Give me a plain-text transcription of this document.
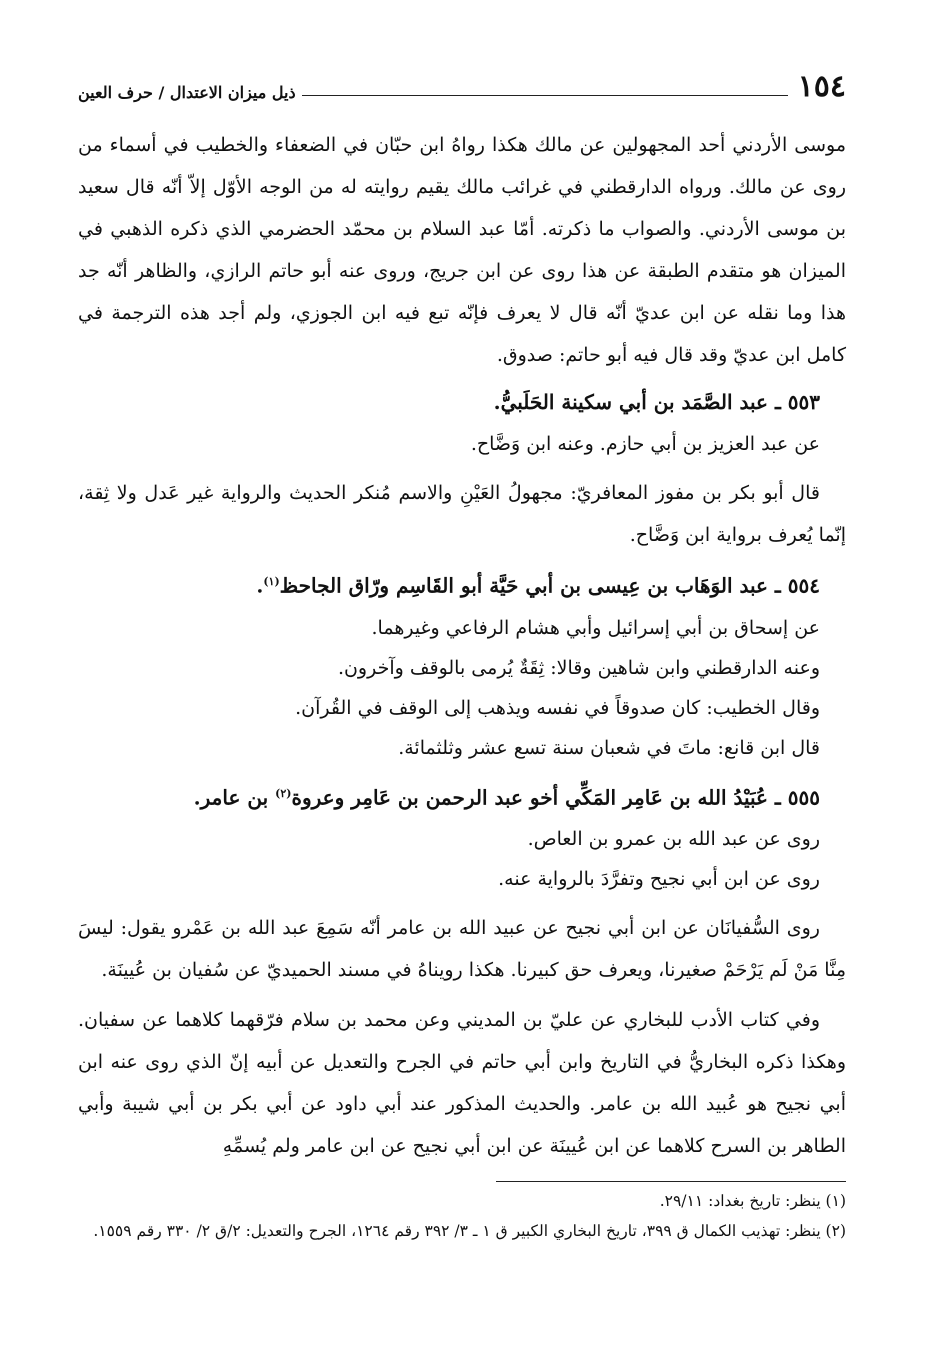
١٥٤
ذيل ميزان الاعتدال / حرف العين

موسى الأردني أحد المجهولين عن مالك هكذا رواهُ ابن حبّان في الضعفاء والخطيب في أسماء من روى عن مالك. ورواه الدارقطني في غرائب مالك يقيم روايته له من الوجه الأوّل إلاّ أنّه قال سعيد بن موسى الأردني. والصواب ما ذكرته. أمّا عبد السلام بن محمّد الحضرمي الذي ذكره الذهبي في الميزان هو متقدم الطبقة عن هذا روى عن ابن جريج، وروى عنه أبو حاتم الرازي، والظاهر أنّه جد هذا وما نقله عن ابن عديّ أنّه قال لا يعرف فإنّه تبع فيه ابن الجوزي، ولم أجد هذه الترجمة في كامل ابن عديّ وقد قال فيه أبو حاتم: صدوق.

٥٥٣ ـ عبد الصَّمَد بن أبي سكينة الحَلَبيُّ.

عن عبد العزيز بن أبي حازم. وعنه ابن وَضَّاح.

قال أبو بكر بن مفوز المعافريّ: مجهولُ العَيْنِ والاسم مُنكر الحديث والرواية غير عَدل ولا ثِقة، إنّما يُعرف برواية ابن وَضَّاح.

٥٥٤ ـ عبد الوَهَاب بن عِيسى بن أبي حَيَّة أبو القَاسِم ورّاق الجاحظ$^{(١)}$.

عن إسحاق بن أبي إسرائيل وأبي هشام الرفاعي وغيرهما.

وعنه الدارقطني وابن شاهين وقالا: ثِقَةٌ يُرمى بالوقف وآخرون.

وقال الخطيب: كان صدوقاً في نفسه ويذهب إلى الوقف في القُرآن.

قال ابن قانع: ماتَ في شعبان سنة تسع عشر وثلثمائة.

٥٥٥ ـ عُبَيْدُ الله بن عَامِر المَكِّي أخو عبد الرحمن بن عَامِر وعروة$^{(٢)}$ بن عامر.

روى عن عبد الله بن عمرو بن العاص.

روى عن ابن أبي نجيح وتفرَّدَ بالرواية عنه.

روى السُّفيانَان عن ابن أبي نجيح عن عبيد الله بن عامر أنّه سَمِعَ عبد الله بن عَمْرو يقول: ليسَ مِنَّا مَنْ لَم يَرْحَمْ صغيرنا، ويعرف حق كبيرنا. هكذا رويناهُ في مسند الحميديّ عن سُفيان بن عُيينَة.

وفي كتاب الأدب للبخاري عن عليّ بن المديني وعن محمد بن سلام فرّقهما كلاهما عن سفيان. وهكذا ذكره البخاريُّ في التاريخ وابن أبي حاتم في الجرح والتعديل عن أبيه إنّ الذي روى عنه ابن أبي نجيح هو عُبيد الله بن عامر. والحديث المذكور عند أبي داود عن أبي بكر بن أبي شيبة وأبي الطاهر بن السرح كلاهما عن ابن عُيينَة عن ابن أبي نجيح عن ابن عامر ولم يُسمِّهِ

(١) ينظر: تاريخ بغداد: ٢٩/١١.

(٢) ينظر: تهذيب الكمال ق ٣٩٩، تاريخ البخاري الكبير ق ١ ـ ٣/ ٣٩٢ رقم ١٢٦٤، الجرح والتعديل: ٢/ق ٢/ ٣٣٠ رقم ١٥٥٩.
